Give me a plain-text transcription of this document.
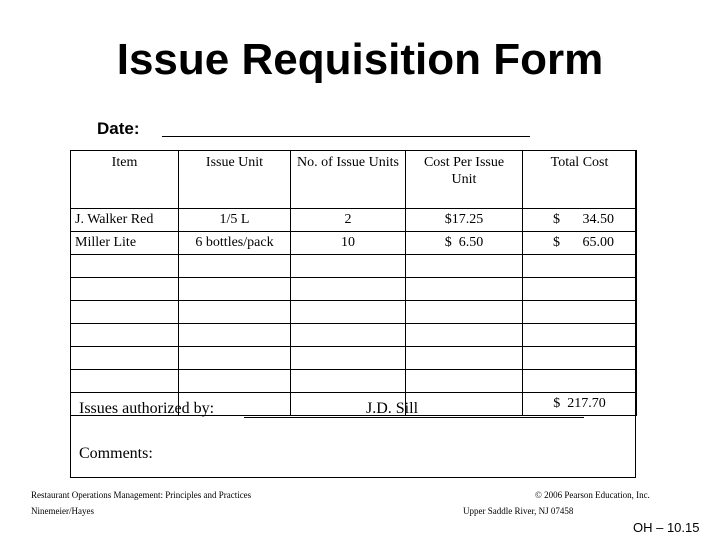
Issue Requisition Form
Date:
Item	Issue Unit	No. of Issue Units	Cost Per Issue Unit	Total Cost
J. Walker Red	1/5 L	2	$17.25	$ 34.50

Miller Lite	6 bottles/pack	10	$  6.50	$ 65.00

				$  217.70
Issues authorized by:	J.D. Sill
Comments:
Restaurant Operations Management: Principles and Practices
Ninemeier/Hayes
© 2006 Pearson Education, Inc.
Upper Saddle River, NJ 07458
OH – 10.15
